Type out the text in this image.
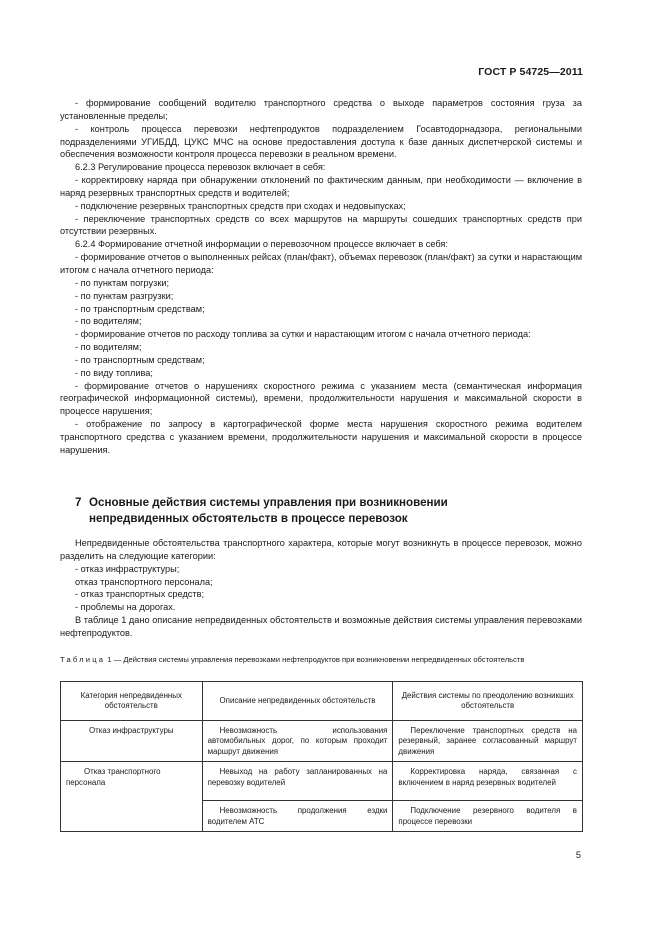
ГОСТ Р 54725—2011

- формирование сообщений водителю транспортного средства о выходе параметров состояния груза за установленные пределы;

- контроль процесса перевозки нефтепродуктов подразделением Госавтодорнадзора, региональными подразделениями УГИБДД, ЦУКС МЧС на основе предоставления доступа к базе данных диспетчерской системы и обеспечения возможности контроля процесса перевозки в реальном времени.

6.2.3 Регулирование процесса перевозок включает в себя:

- корректировку наряда при обнаружении отклонений по фактическим данным, при необходимости — включение в наряд резервных транспортных средств и водителей;

- подключение резервных транспортных средств при сходах и недовыпусках;

- переключение транспортных средств со всех маршрутов на маршруты сошедших транспортных средств при отсутствии резервных.

6.2.4 Формирование отчетной информации о перевозочном процессе включает в себя:

- формирование отчетов о выполненных рейсах (план/факт), объемах перевозок (план/факт) за сутки и нарастающим итогом с начала отчетного периода:

- по пунктам погрузки;

- по пунктам разгрузки;

- по транспортным средствам;

- по водителям;

- формирование отчетов по расходу топлива за сутки и нарастающим итогом с начала отчетного периода:

- по водителям;

- по транспортным средствам;

- по виду топлива;

- формирование отчетов о нарушениях скоростного режима с указанием места (семантическая информация географической информационной системы), времени, продолжительности нарушения и максимальной скорости в процессе нарушения;

- отображение по запросу в картографической форме места нарушения скоростного режима водителем транспортного средства с указанием времени, продолжительности нарушения и максимальной скорости в процессе нарушения.

7 Основные действия системы управления при возникновении
непредвиденных обстоятельств в процессе перевозок

Непредвиденные обстоятельства транспортного характера, которые могут возникнуть в процессе перевозок, можно разделить на следующие категории:

- отказ инфраструктуры;

отказ транспортного персонала;

- отказ транспортных средств;

- проблемы на дорогах.

В таблице 1 дано описание непредвиденных обстоятельств и возможные действия системы управления перевозками нефтепродуктов.

Таблица 1 — Действия системы управления перевозками нефтепродуктов при возникновении непредвиденных обстоятельств
Категория непредвиденных обстоятельств	Описание непредвиденных обстоятельств	Действия системы по преодолению возникших обстоятельств

Отказ инфраструктуры	Невозможность использования автомобильных дорог, по которым проходит маршрут движения	Переключение транспортных средств на резервный, заранее согласованный маршрут движения

Отказ транспортного персонала	Невыход на работу запланированных на перевозку водителей	Корректировка наряда, связанная с включением в наряд резервных водителей

	Невозможность продолжения ездки водителем АТС	Подключение резервного водителя в процессе перевозки
5
